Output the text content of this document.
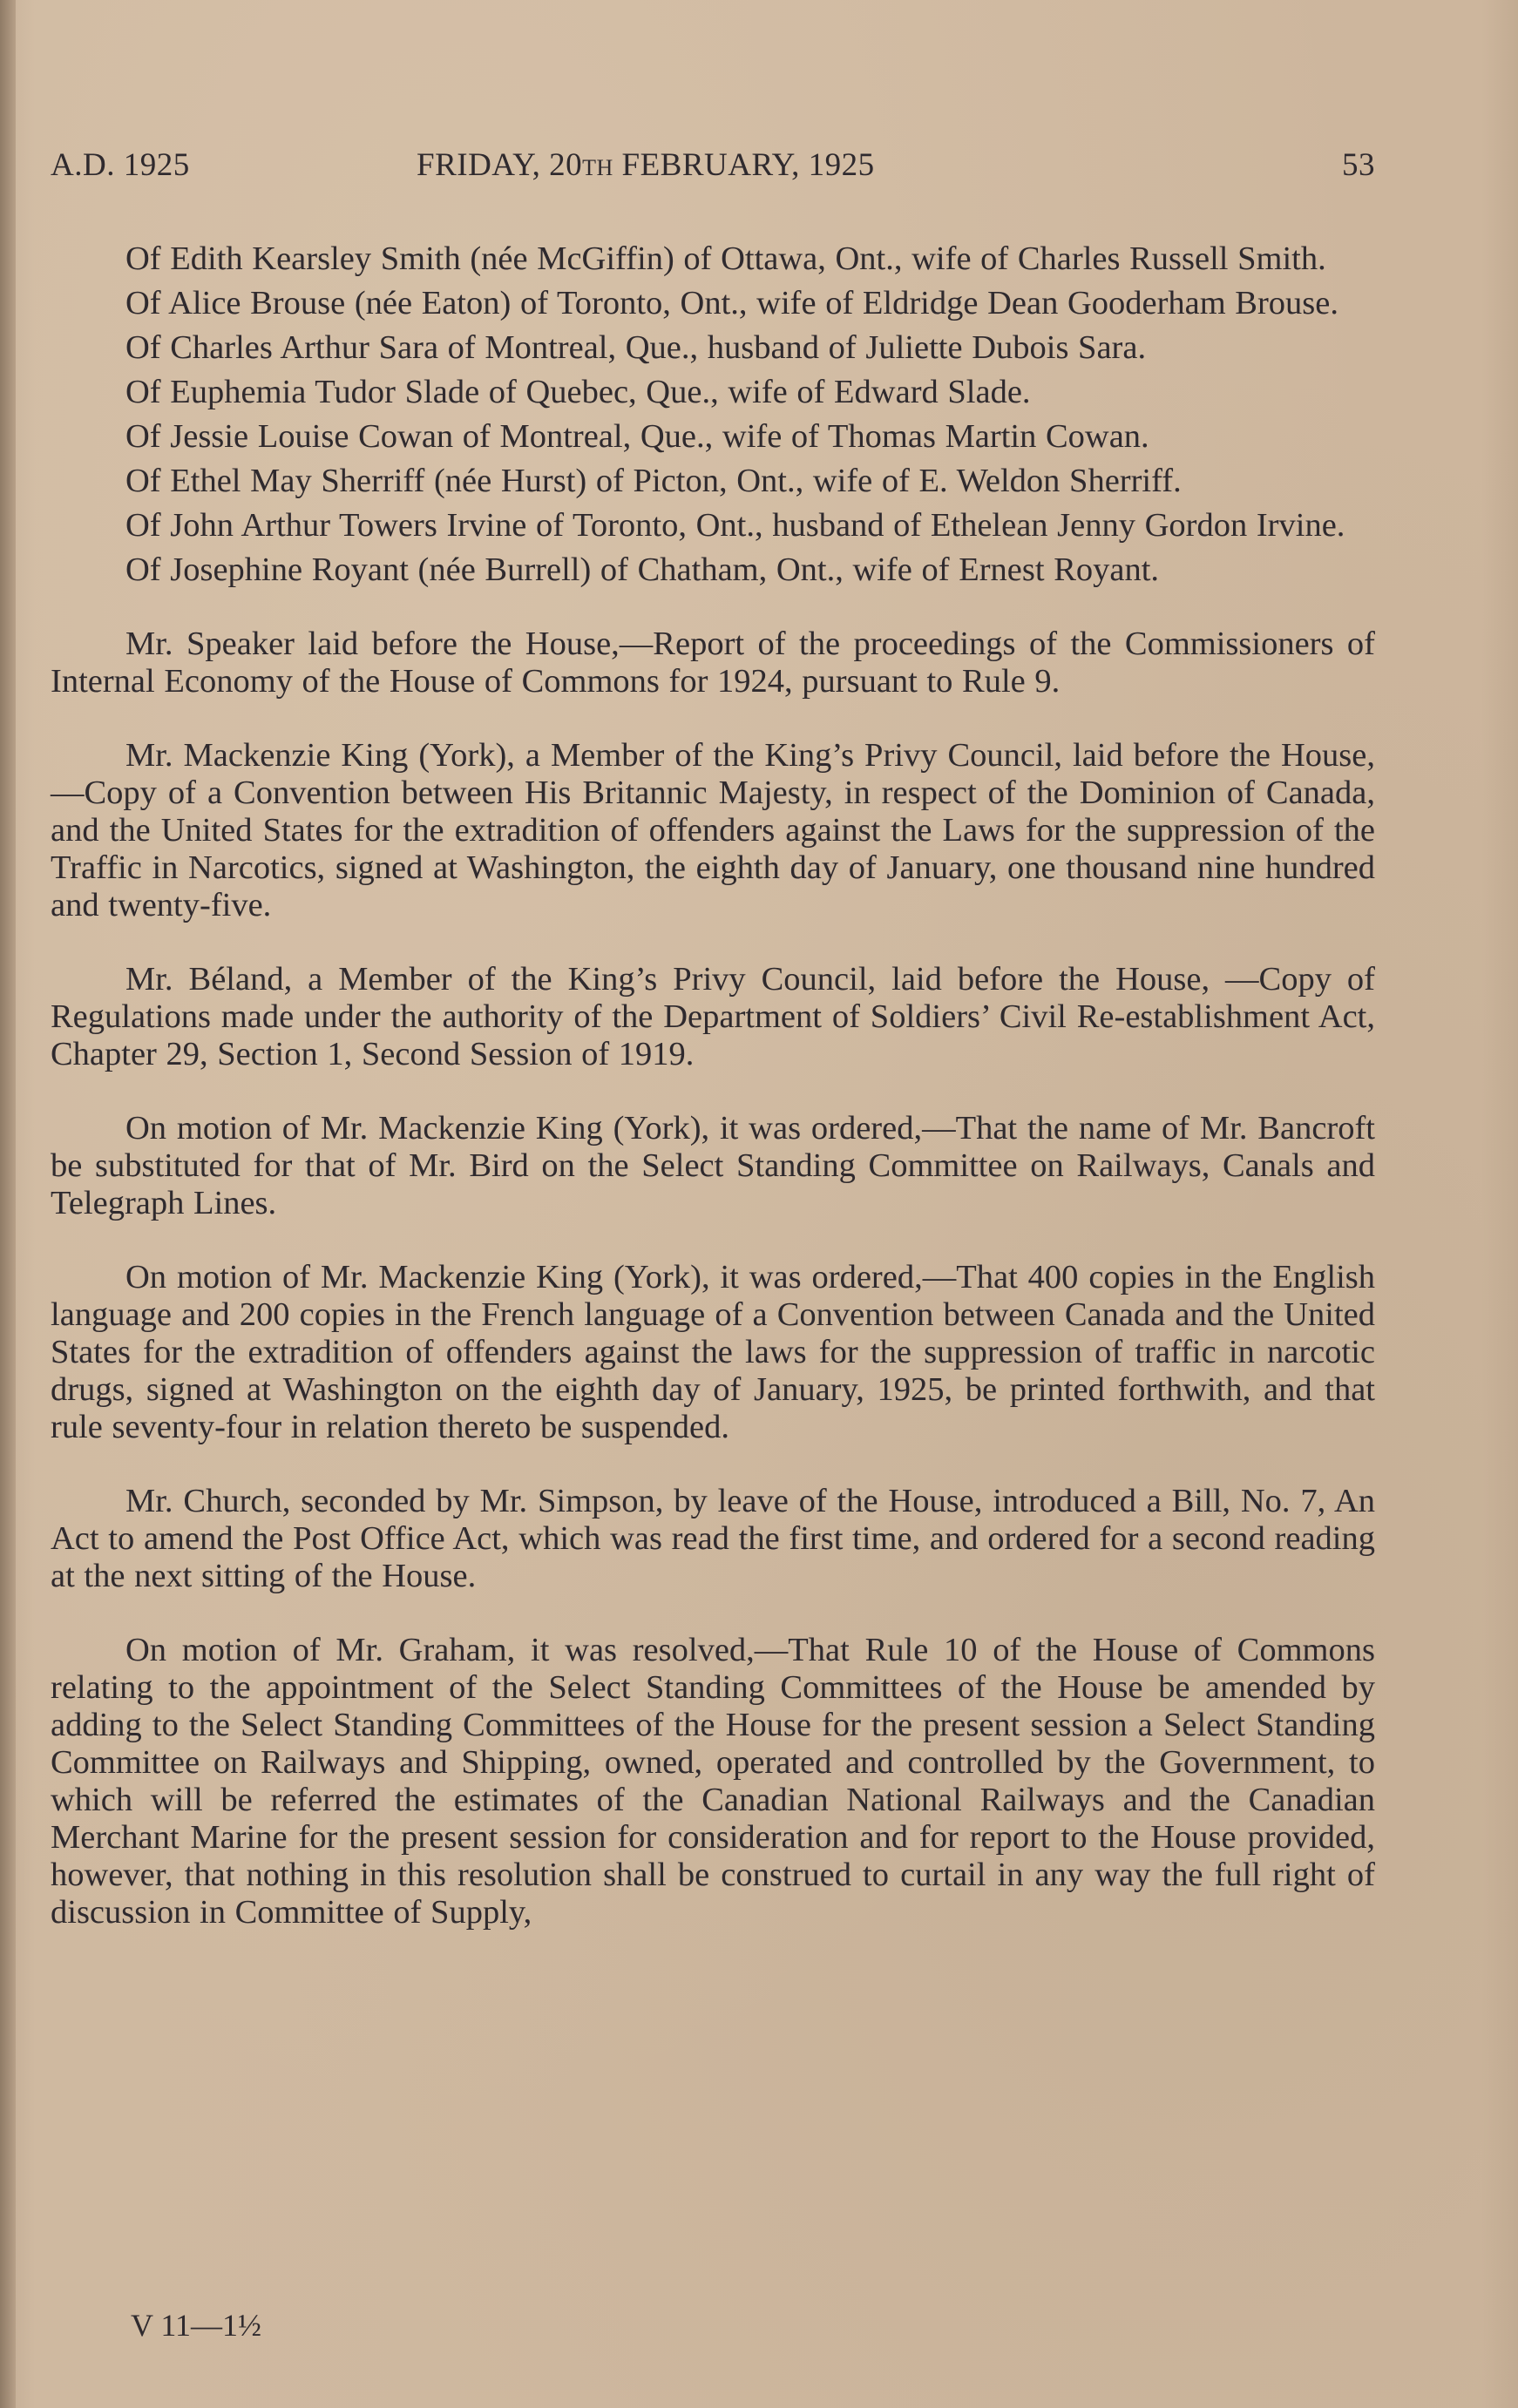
A.D. 1925	FRIDAY, 20TH FEBRUARY, 1925	53

Of Edith Kearsley Smith (née McGiffin) of Ottawa, Ont., wife of Charles Russell Smith.

Of Alice Brouse (née Eaton) of Toronto, Ont., wife of Eldridge Dean Gooderham Brouse.

Of Charles Arthur Sara of Montreal, Que., husband of Juliette Dubois Sara.

Of Euphemia Tudor Slade of Quebec, Que., wife of Edward Slade.

Of Jessie Louise Cowan of Montreal, Que., wife of Thomas Martin Cowan.

Of Ethel May Sherriff (née Hurst) of Picton, Ont., wife of E. Weldon Sherriff.

Of John Arthur Towers Irvine of Toronto, Ont., husband of Ethelean Jenny Gordon Irvine.

Of Josephine Royant (née Burrell) of Chatham, Ont., wife of Ernest Royant.

Mr. Speaker laid before the House,—Report of the proceedings of the Commissioners of Internal Economy of the House of Commons for 1924, pursuant to Rule 9.

Mr. Mackenzie King (York), a Member of the King’s Privy Council, laid before the House,—Copy of a Convention between His Britannic Majesty, in respect of the Dominion of Canada, and the United States for the extradition of offenders against the Laws for the suppression of the Traffic in Narcotics, signed at Washington, the eighth day of January, one thousand nine hundred and twenty-five.

Mr. Béland, a Member of the King’s Privy Council, laid before the House, —Copy of Regulations made under the authority of the Department of Soldiers’ Civil Re-establishment Act, Chapter 29, Section 1, Second Session of 1919.

On motion of Mr. Mackenzie King (York), it was ordered,—That the name of Mr. Bancroft be substituted for that of Mr. Bird on the Select Standing Committee on Railways, Canals and Telegraph Lines.

On motion of Mr. Mackenzie King (York), it was ordered,—That 400 copies in the English language and 200 copies in the French language of a Convention between Canada and the United States for the extradition of offenders against the laws for the suppression of traffic in narcotic drugs, signed at Washington on the eighth day of January, 1925, be printed forthwith, and that rule seventy-four in relation thereto be suspended.

Mr. Church, seconded by Mr. Simpson, by leave of the House, introduced a Bill, No. 7, An Act to amend the Post Office Act, which was read the first time, and ordered for a second reading at the next sitting of the House.

On motion of Mr. Graham, it was resolved,—That Rule 10 of the House of Commons relating to the appointment of the Select Standing Committees of the House be amended by adding to the Select Standing Committees of the House for the present session a Select Standing Committee on Railways and Shipping, owned, operated and controlled by the Government, to which will be referred the estimates of the Canadian National Railways and the Canadian Merchant Marine for the present session for consideration and for report to the House provided, however, that nothing in this resolution shall be construed to curtail in any way the full right of discussion in Committee of Supply,

V 11—1½
